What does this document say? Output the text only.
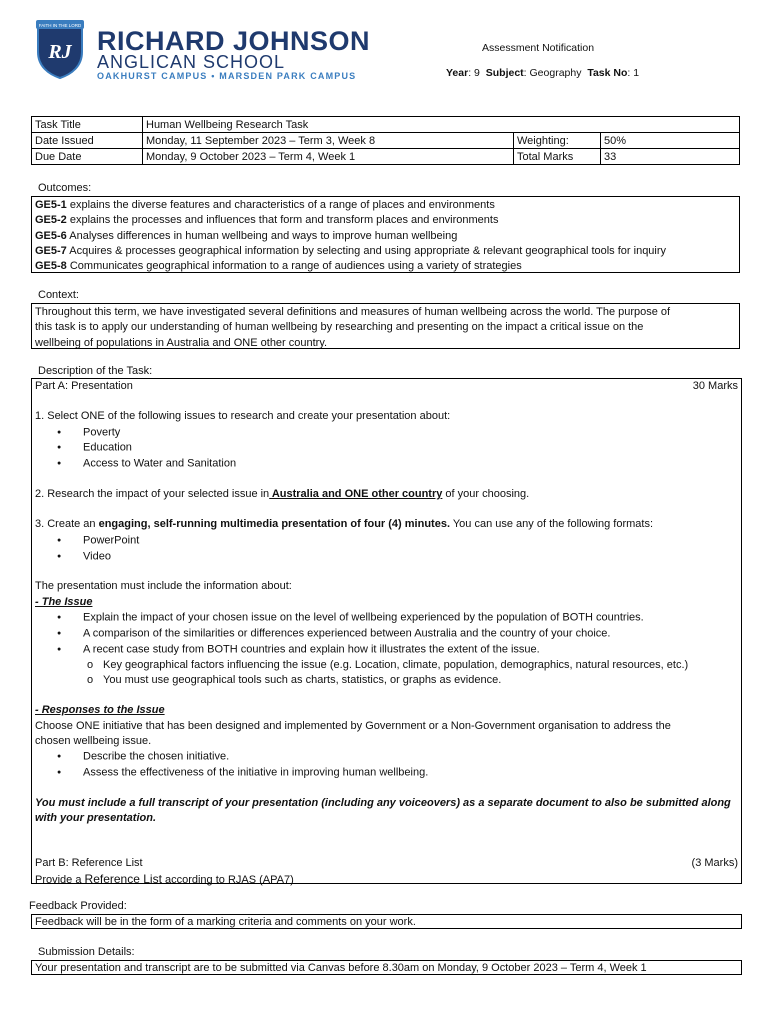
FAITH IN THE LORD
RJ RICHARD JOHNSON
ANGLICAN SCHOOL
OAKHURST CAMPUS • MARSDEN PARK CAMPUS
Assessment Notification
Year: 9 Subject: Geography Task No: 1
Task Title	Human Wellbeing Research Task		
Date Issued	Monday, 11 September 2023 – Term 3, Week 8	Weighting:	50%
Due Date	Monday, 9 October 2023 – Term 4, Week 1	Total Marks	33
Outcomes:
GE5-1 explains the diverse features and characteristics of a range of places and environments
GE5-2 explains the processes and influences that form and transform places and environments
GE5-6 Analyses differences in human wellbeing and ways to improve human wellbeing
GE5-7 Acquires & processes geographical information by selecting and using appropriate & relevant geographical tools for inquiry
GE5-8 Communicates geographical information to a range of audiences using a variety of strategies
Context:
Throughout this term, we have investigated several definitions and measures of human wellbeing across the world. The purpose of
this task is to apply our understanding of human wellbeing by researching and presenting on the impact a critical issue on the
wellbeing of populations in Australia and ONE other country.
Description of the Task:
Part A: Presentation	30 Marks
1. Select ONE of the following issues to research and create your presentation about:
● Poverty
● Education
● Access to Water and Sanitation
2. Research the impact of your selected issue in Australia and ONE other country of your choosing.
3. Create an engaging, self-running multimedia presentation of four (4) minutes. You can use any of the following formats:
● PowerPoint
● Video
The presentation must include the information about:
- The Issue
● Explain the impact of your chosen issue on the level of wellbeing experienced by the population of BOTH countries.
● A comparison of the similarities or differences experienced between Australia and the country of your choice.
● A recent case study from BOTH countries and explain how it illustrates the extent of the issue.
o Key geographical factors influencing the issue (e.g. Location, climate, population, demographics, natural resources, etc.)
o You must use geographical tools such as charts, statistics, or graphs as evidence.
- Responses to the Issue
Choose ONE initiative that has been designed and implemented by Government or a Non-Government organisation to address the
chosen wellbeing issue.
● Describe the chosen initiative.
● Assess the effectiveness of the initiative in improving human wellbeing.
You must include a full transcript of your presentation (including any voiceovers) as a separate document to also be submitted along
with your presentation.
Part B: Reference List	(3 Marks)
Provide a Reference List according to RJAS (APA7)
Feedback Provided:
Feedback will be in the form of a marking criteria and comments on your work.
Submission Details:
Your presentation and transcript are to be submitted via Canvas before 8.30am on Monday, 9 October 2023 – Term 4, Week 1
